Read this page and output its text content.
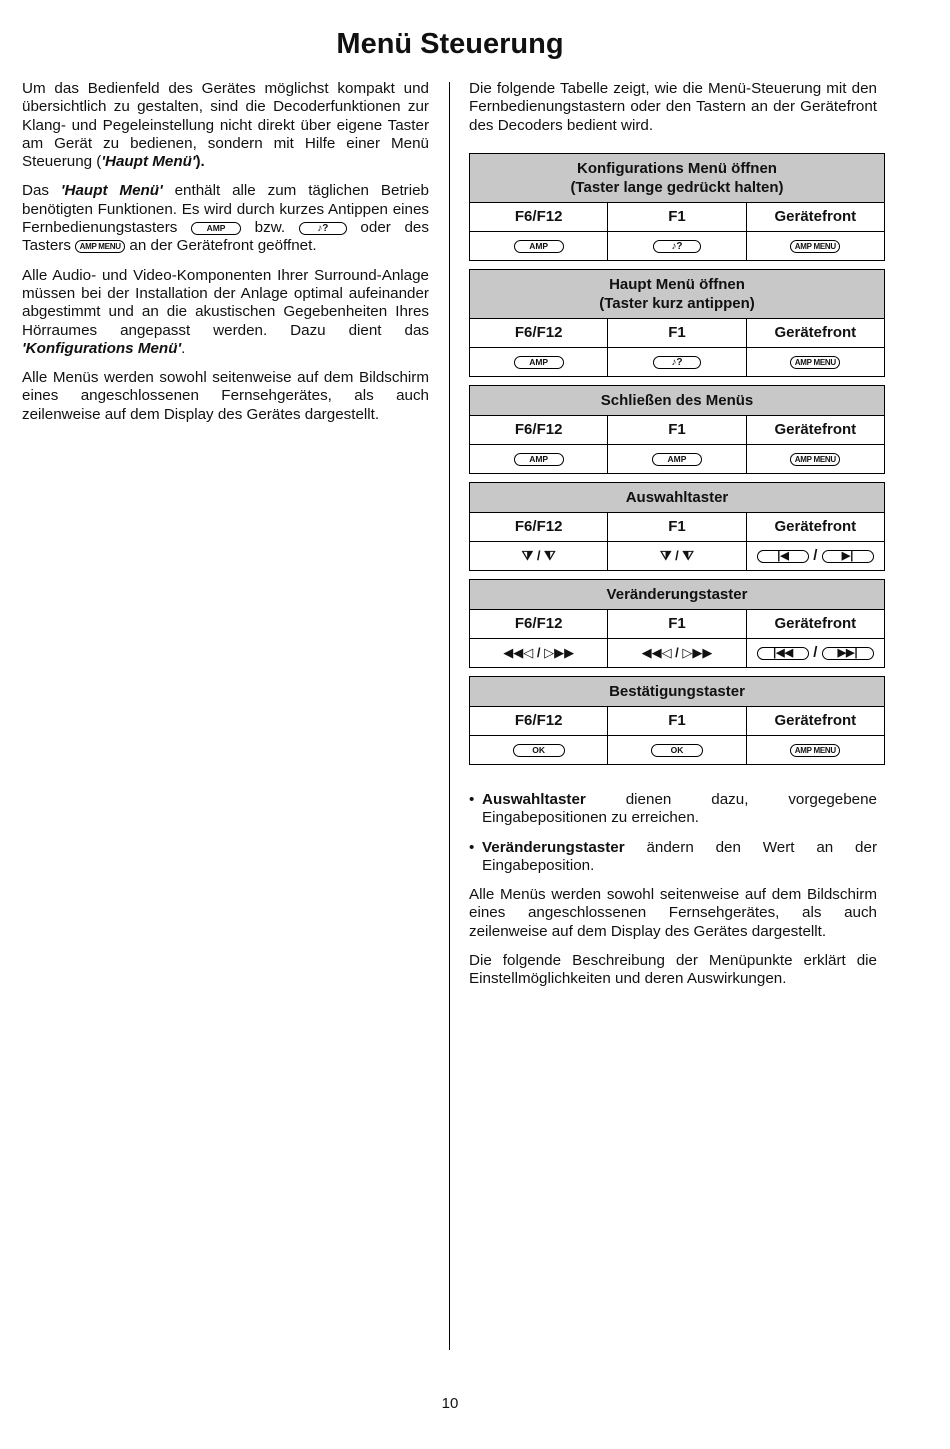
Menü Steuerung

Um das Bedienfeld des Gerätes möglichst kompakt und übersichtlich zu gestalten, sind die Decoderfunktionen zur Klang- und Pegeleinstellung nicht direkt über eigene Taster am Gerät zu bedienen, sondern mit Hilfe einer Menü Steuerung ('Haupt Menü').

Das 'Haupt Menü' enthält alle zum täglichen Betrieb benötigten Funktionen. Es wird durch kurzes Antippen eines Fernbedienungstasters AMP bzw. ♪? oder des Tasters AMP MENU an der Gerätefront geöffnet.

Alle Audio- und Video-Komponenten Ihrer Surround-Anlage müssen bei der Installation der Anlage optimal aufeinander abgestimmt und an die akustischen Gegebenheiten Ihres Hörraumes angepasst werden. Dazu dient das 'Konfigurations Menü'.

Alle Menüs werden sowohl seitenweise auf dem Bildschirm eines angeschlossenen Fernsehgerätes, als auch zeilenweise auf dem Display des Gerätes dargestellt.

Die folgende Tabelle zeigt, wie die Menü-Steuerung mit den Fernbedienungstastern oder den Tastern an der Gerätefront des Decoders bedient wird.

Konfigurations Menü öffnen
(Taster lange gedrückt halten)
F6/F12	F1	Gerätefront
AMP	♪?	AMP MENU
Haupt Menü öffnen
(Taster kurz antippen)
F6/F12	F1	Gerätefront
AMP	♪?	AMP MENU
Schließen des Menüs
F6/F12	F1	Gerätefront
AMP	AMP	AMP MENU
Auswahltaster
F6/F12	F1	Gerätefront
⧩ / ⧨	⧩ / ⧨	|◀ / ▶|
Veränderungstaster
F6/F12	F1	Gerätefront
◀◀◁ / ▷▶▶	◀◀◁ / ▷▶▶	|◀◀ / ▶▶|
Bestätigungstaster
F6/F12	F1	Gerätefront
OK	OK	AMP MENU
• Auswahltaster dienen dazu, vorgegebene Eingabepositionen zu erreichen.
• Veränderungstaster ändern den Wert an der Eingabeposition.

Alle Menüs werden sowohl seitenweise auf dem Bildschirm eines angeschlossenen Fernsehgerätes, als auch zeilenweise auf dem Display des Gerätes dargestellt.

Die folgende Beschreibung der Menüpunkte erklärt die Einstellmöglichkeiten und deren Auswirkungen.

10
